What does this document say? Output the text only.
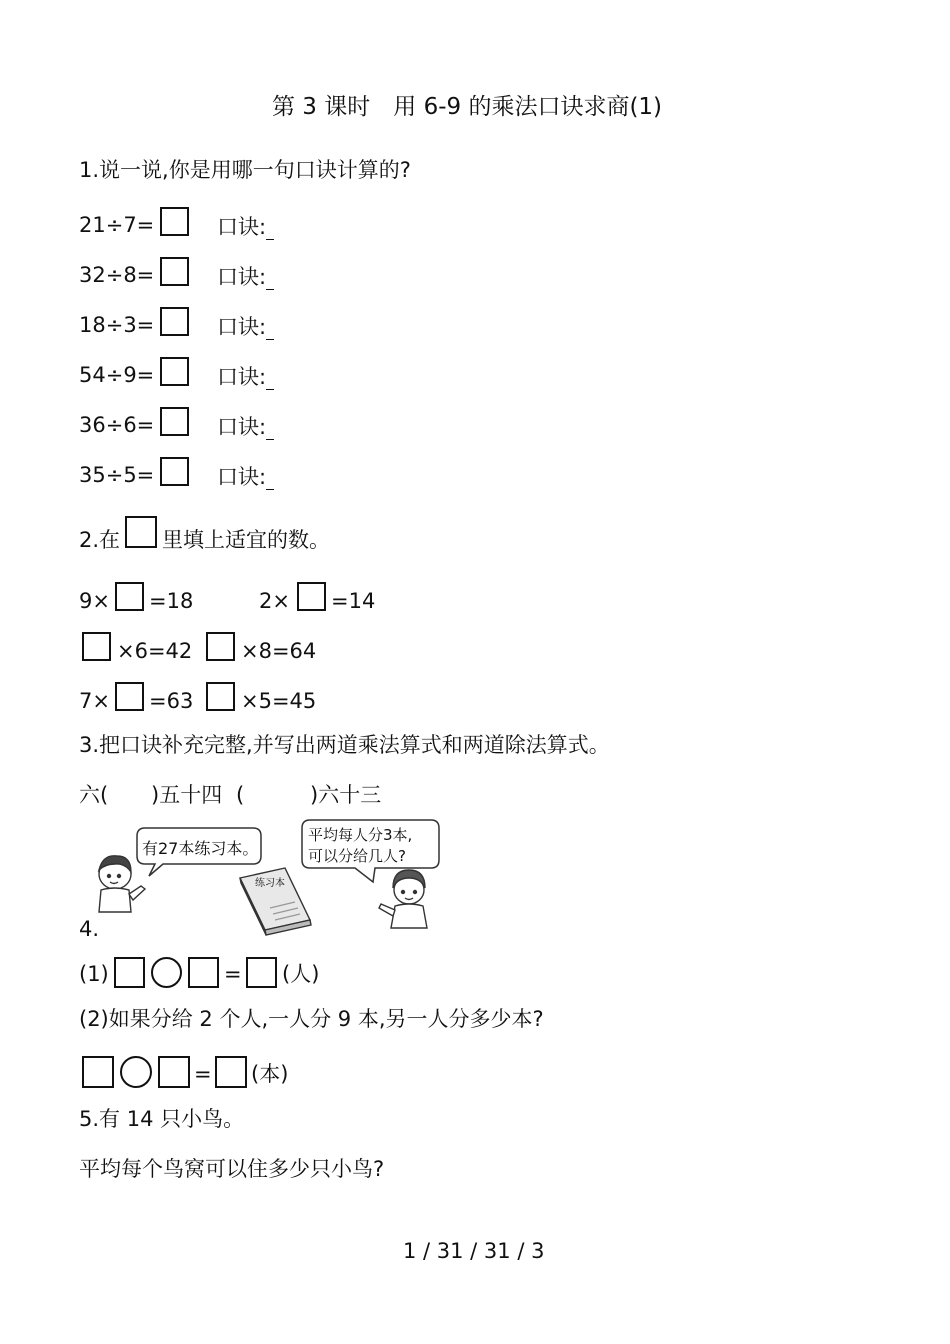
第 3 课时　用 6-9 的乘法口诀求商(1)
1.说一说,你是用哪一句口诀计算的?
21÷7=	口诀:
32÷8=	口诀:
18÷3=	口诀:
54÷9=	口诀:
36÷6=	口诀:
35÷5=	口诀:
2.在 里填上适宜的数。
9× =18	2× =14
×6=42 ×8=64
7× =63 ×5=45
3.把口诀补充完整,并写出两道乘法算式和两道除法算式。
六( )五十四 (	)六十三
有27本练习本。
练习本
平均每人分3本,
可以分给几人?
4.
(1)	= (人)
(2)如果分给 2 个人,一人分 9 本,另一人分多少本?
= (本)
5.有 14 只小鸟。
平均每个鸟窝可以住多少只小鸟?
1 / 31 / 31 / 3
